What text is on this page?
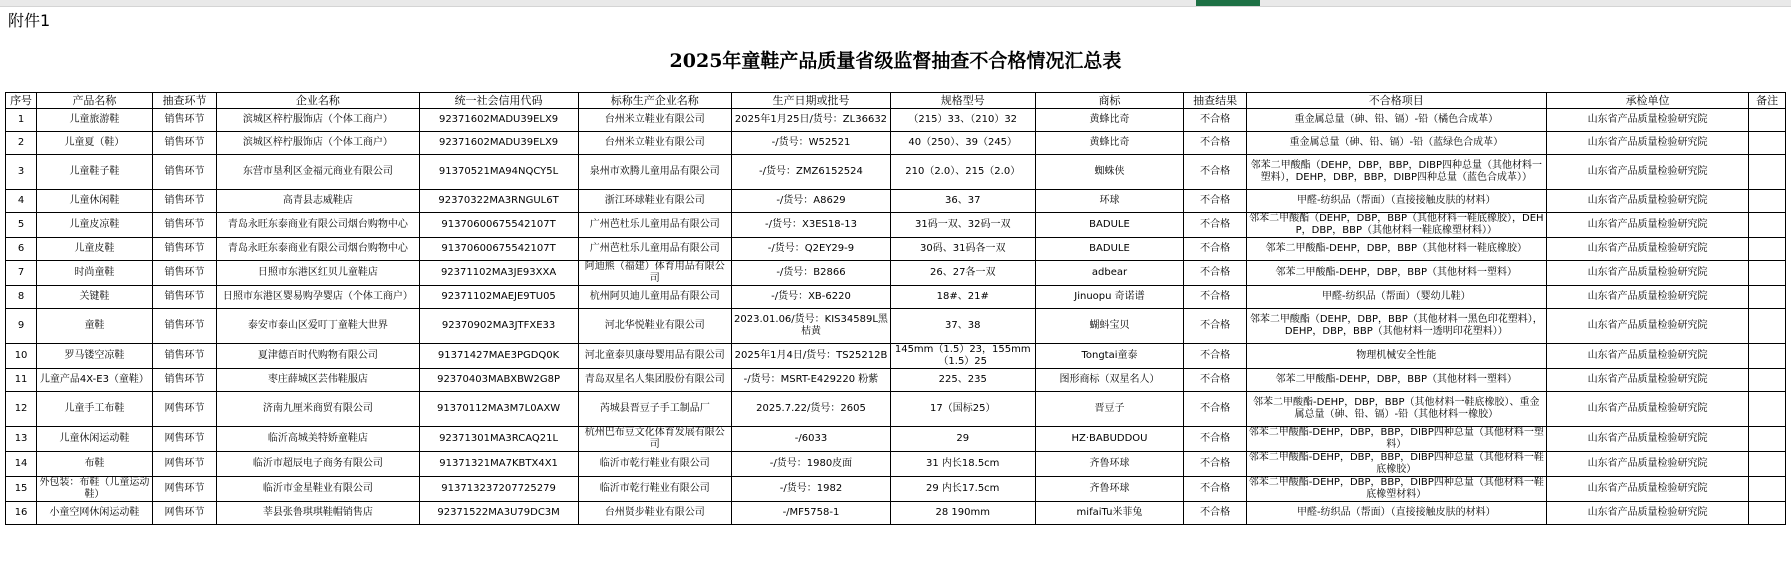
附件1
2025年童鞋产品质量省级监督抽查不合格情况汇总表
序号	产品名称	抽查环节	企业名称	统一社会信用代码	标称生产企业名称	生产日期或批号	规格型号	商标	抽查结果	不合格项目	承检单位	备注
1	儿童旅游鞋	销售环节	滨城区梓柠服饰店（个体工商户）	92371602MADU39ELX9	台州米立鞋业有限公司	2025年1月25日/货号：ZL36632	（215）33、（210）32	黄蜂比奇	不合格	重金属总量（砷、铅、镉）-铅（橘色合成革）	山东省产品质量检验研究院	
2	儿童夏（鞋）	销售环节	滨城区梓柠服饰店（个体工商户）	92371602MADU39ELX9	台州米立鞋业有限公司	-/货号：W52521	40（250）、39（245）	黄蜂比奇	不合格	重金属总量（砷、铅、镉）-铅（蓝绿色合成革）	山东省产品质量检验研究院	
3	儿童鞋子鞋	销售环节	东营市垦利区金福元商业有限公司	91370521MA94NQCY5L	泉州市欢腾儿童用品有限公司	-/货号：ZMZ6152524	210（2.0）、215（2.0）	蜘蛛侠	不合格	邻苯二甲酸酯（DEHP，DBP，BBP，DIBP四种总量（其他材料一塑料），DEHP，DBP，BBP，DIBP四种总量（蓝色合成革））	山东省产品质量检验研究院	
4	儿童休闲鞋	销售环节	高青县志威鞋店	92370322MA3RNGUL6T	浙江环球鞋业有限公司	-/货号：A8629	36、37	环球	不合格	甲醛-纺织品（帮面）（直接接触皮肤的材料）	山东省产品质量检验研究院	
5	儿童皮凉鞋	销售环节	青岛永旺东泰商业有限公司烟台购物中心	91370600675542107T	广州芭杜乐儿童用品有限公司	-/货号：X3ES18-13	31码一双、32码一双	BADULE	不合格	邻苯二甲酸酯（DEHP，DBP，BBP（其他材料一鞋底橡胶），DEHP，DBP，BBP（其他材料一鞋底橡塑材料））	山东省产品质量检验研究院	
6	儿童皮鞋	销售环节	青岛永旺东泰商业有限公司烟台购物中心	91370600675542107T	广州芭杜乐儿童用品有限公司	-/货号：Q2EY29-9	30码、31码各一双	BADULE	不合格	邻苯二甲酸酯-DEHP，DBP，BBP（其他材料一鞋底橡胶）	山东省产品质量检验研究院	
7	时尚童鞋	销售环节	日照市东港区红贝儿童鞋店	92371102MA3JE93XXA	阿迪熊（福建）体育用品有限公司	-/货号：B2866	26、27各一双	adbear	不合格	邻苯二甲酸酯-DEHP，DBP，BBP（其他材料一塑料）	山东省产品质量检验研究院	
8	关键鞋	销售环节	日照市东港区婴易购孕婴店（个体工商户）	92371102MAEJE9TU05	杭州阿贝迪儿童用品有限公司	-/货号：XB-6220	18#、21#	Jinuopu 奇诺谱	不合格	甲醛-纺织品（帮面）（婴幼儿鞋）	山东省产品质量检验研究院	
9	童鞋	销售环节	泰安市泰山区爱叮丁童鞋大世界	92370902MA3JTFXE33	河北华悦鞋业有限公司	2023.01.06/货号：KIS34589L黑桔黄	37、38	蝴蚪宝贝	不合格	邻苯二甲酸酯（DEHP，DBP，BBP（其他材料一黑色印花塑料），DEHP，DBP，BBP（其他材料一透明印花塑料））	山东省产品质量检验研究院	
10	罗马镂空凉鞋	销售环节	夏津德百时代购物有限公司	91371427MAE3PGDQ0K	河北童泰贝康母婴用品有限公司	2025年1月4日/货号：TS25212B	145mm（1.5）23，155mm（1.5）25	Tongtai童泰	不合格	物理机械安全性能	山东省产品质量检验研究院	
11	儿童产品4X-E3（童鞋）	销售环节	枣庄薛城区芸伟鞋服店	92370403MABXBW2G8P	青岛双星名人集团股份有限公司	-/货号：MSRT-E429220 粉紫	225、235	图形商标（双星名人）	不合格	邻苯二甲酸酯-DEHP，DBP，BBP（其他材料一塑料）	山东省产品质量检验研究院	
12	儿童手工布鞋	网售环节	济南九厘米商贸有限公司	91370112MA3M7L0AXW	芮城县晋豆子手工制品厂	2025.7.22/货号：2605	17（国标25）	晋豆子	不合格	邻苯二甲酸酯-DEHP，DBP，BBP（其他材料一鞋底橡胶）、重金属总量（砷、铅、镉）-铅（其他材料一橡胶）	山东省产品质量检验研究院	
13	儿童休闲运动鞋	网售环节	临沂高城美特娇童鞋店	92371301MA3RCAQ21L	杭州巴布豆文化体育发展有限公司	-/6033	29	HZ·BABUDDOU	不合格	邻苯二甲酸酯-DEHP，DBP，BBP，DIBP四种总量（其他材料一塑料）	山东省产品质量检验研究院	
14	布鞋	网售环节	临沂市超辰电子商务有限公司	91371321MA7KBTX4X1	临沂市乾行鞋业有限公司	-/货号：1980皮面	31 内长18.5cm	齐鲁环球	不合格	邻苯二甲酸酯-DEHP，DBP，BBP，DIBP四种总量（其他材料一鞋底橡胶）	山东省产品质量检验研究院	
15	外包装：布鞋（儿童运动鞋）	网售环节	临沂市金星鞋业有限公司	913713237207725279	临沂市乾行鞋业有限公司	-/货号：1982	29 内长17.5cm	齐鲁环球	不合格	邻苯二甲酸酯-DEHP，DBP，BBP，DIBP四种总量（其他材料一鞋底橡塑材料）	山东省产品质量检验研究院	
16	小童空网休闲运动鞋	网售环节	莘县张鲁琪琪鞋帽销售店	92371522MA3U79DC3M	台州贤步鞋业有限公司	-/MF5758-1	28 190mm	mifaiTu米菲兔	不合格	甲醛-纺织品（帮面）（直接接触皮肤的材料）	山东省产品质量检验研究院	
